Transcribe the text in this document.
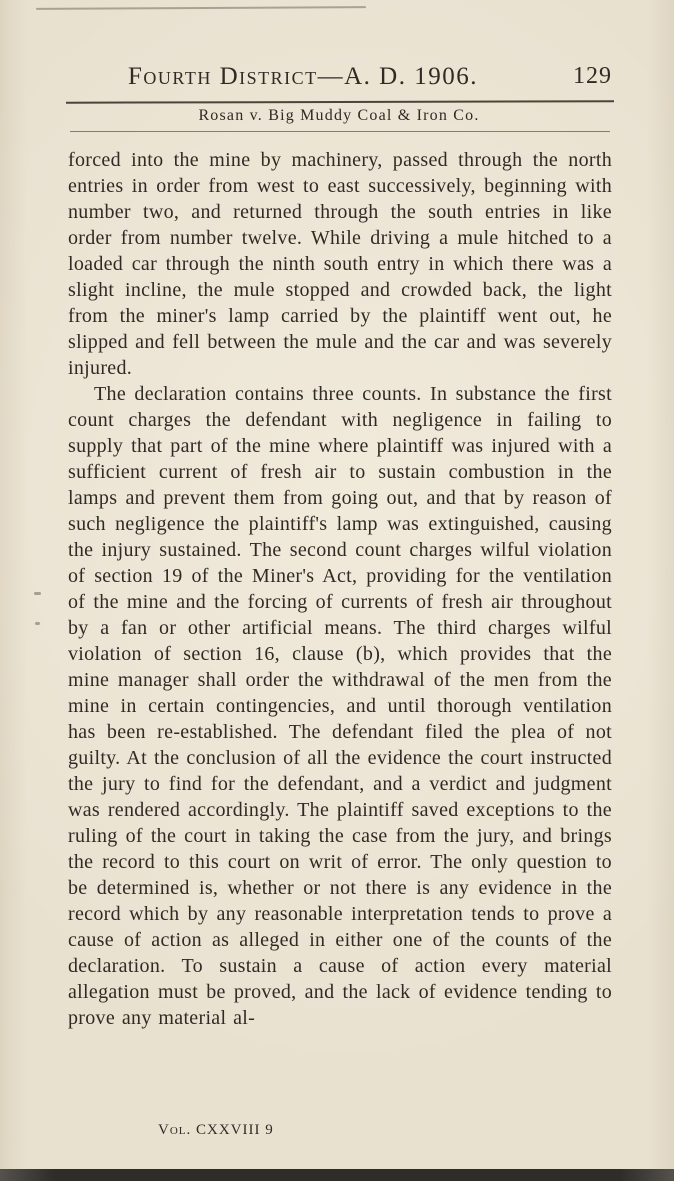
Fourth District—A. D. 1906.	129
Rosan v. Big Muddy Coal & Iron Co.

forced into the mine by machinery, passed through the north entries in order from west to east successively, beginning with number two, and returned through the south entries in like order from number twelve. While driving a mule hitched to a loaded car through the ninth south entry in which there was a slight incline, the mule stopped and crowded back, the light from the miner's lamp carried by the plaintiff went out, he slipped and fell between the mule and the car and was severely injured.

The declaration contains three counts. In substance the first count charges the defendant with negligence in failing to supply that part of the mine where plaintiff was injured with a sufficient current of fresh air to sustain combustion in the lamps and prevent them from going out, and that by reason of such negligence the plaintiff's lamp was extinguished, causing the injury sustained. The second count charges wilful violation of section 19 of the Miner's Act, providing for the ventilation of the mine and the forcing of currents of fresh air throughout by a fan or other artificial means. The third charges wilful violation of section 16, clause (b), which provides that the mine manager shall order the withdrawal of the men from the mine in certain contingencies, and until thorough ventilation has been re-established. The defendant filed the plea of not guilty. At the conclusion of all the evidence the court instructed the jury to find for the defendant, and a verdict and judgment was rendered accordingly. The plaintiff saved exceptions to the ruling of the court in taking the case from the jury, and brings the record to this court on writ of error. The only question to be determined is, whether or not there is any evidence in the record which by any reasonable interpretation tends to prove a cause of action as alleged in either one of the counts of the declaration. To sustain a cause of action every material allegation must be proved, and the lack of evidence tending to prove any material al-

Vol. CXXVIII 9
